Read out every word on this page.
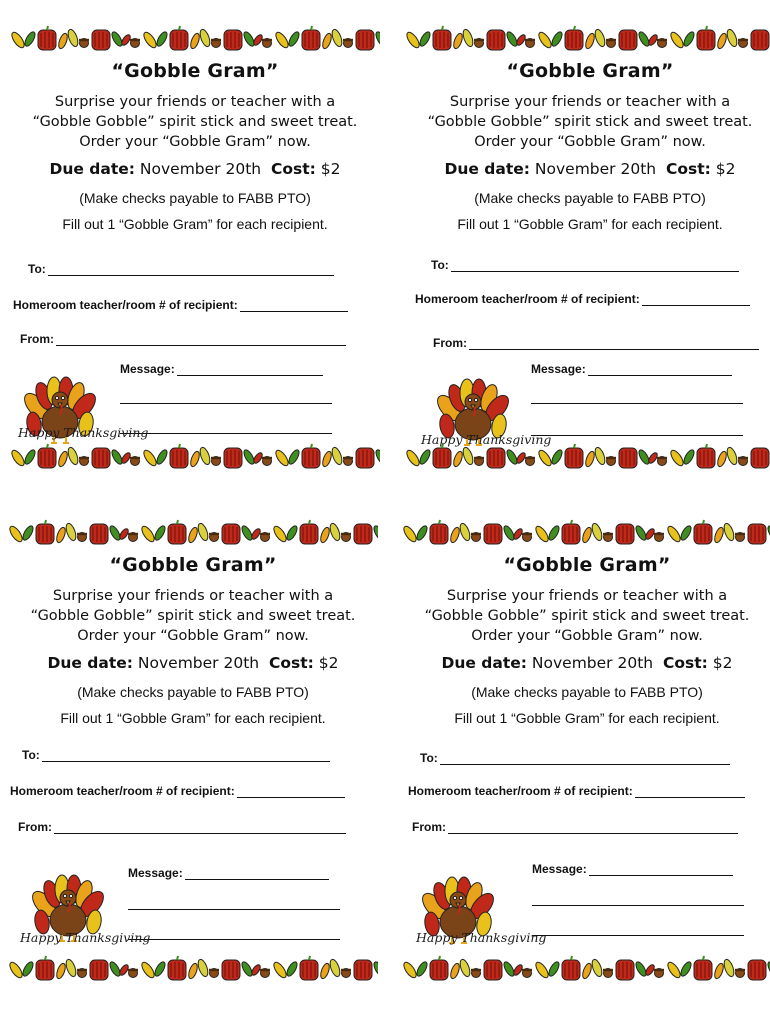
“Gobble Gram”
Surprise your friends or teacher with a “Gobble Gobble” spirit stick and sweet treat. Order your “Gobble Gram” now.
Due date: November 20th Cost: $2
(Make checks payable to FABB PTO)
Fill out 1 “Gobble Gram” for each recipient.
To:
Homeroom teacher/room # of recipient:
From:
Message:
Happy Thanksgiving
“Gobble Gram”
Surprise your friends or teacher with a “Gobble Gobble” spirit stick and sweet treat. Order your “Gobble Gram” now.
Due date: November 20th Cost: $2
(Make checks payable to FABB PTO)
Fill out 1 “Gobble Gram” for each recipient.
To:
Homeroom teacher/room # of recipient:
From:
Message:
Happy Thanksgiving
“Gobble Gram”
Surprise your friends or teacher with a “Gobble Gobble” spirit stick and sweet treat. Order your “Gobble Gram” now.
Due date: November 20th Cost: $2
(Make checks payable to FABB PTO)
Fill out 1 “Gobble Gram” for each recipient.
To:
Homeroom teacher/room # of recipient:
From:
Message:
Happy Thanksgiving
“Gobble Gram”
Surprise your friends or teacher with a “Gobble Gobble” spirit stick and sweet treat. Order your “Gobble Gram” now.
Due date: November 20th Cost: $2
(Make checks payable to FABB PTO)
Fill out 1 “Gobble Gram” for each recipient.
To:
Homeroom teacher/room # of recipient:
From:
Message:
Happy Thanksgiving
